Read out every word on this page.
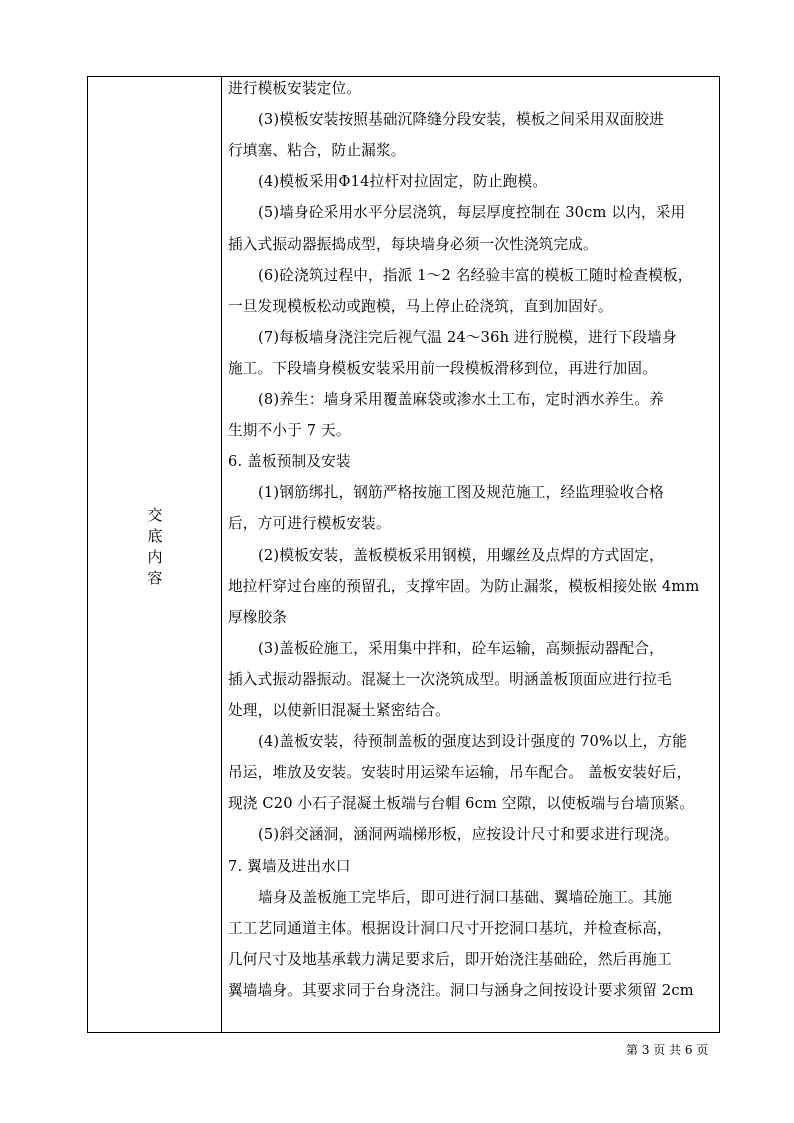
交
底
内
容
进行模板安装定位。
(3)模板安装按照基础沉降缝分段安装，模板之间采用双面胶进
行填塞、粘合，防止漏浆。
(4)模板采用Φ14拉杆对拉固定，防止跑模。
(5)墙身砼采用水平分层浇筑，每层厚度控制在 30cm 以内，采用
插入式振动器振捣成型，每块墙身必须一次性浇筑完成。
(6)砼浇筑过程中，指派 1～2 名经验丰富的模板工随时检查模板，
一旦发现模板松动或跑模，马上停止砼浇筑，直到加固好。
(7)每板墙身浇注完后视气温 24～36h 进行脱模，进行下段墙身
施工。下段墙身模板安装采用前一段模板滑移到位，再进行加固。
(8)养生：墙身采用覆盖麻袋或渗水土工布，定时洒水养生。养
生期不小于 7 天。
6. 盖板预制及安装
(1)钢筋绑扎，钢筋严格按施工图及规范施工，经监理验收合格
后，方可进行模板安装。
(2)模板安装，盖板模板采用钢模，用螺丝及点焊的方式固定，
地拉杆穿过台座的预留孔，支撑牢固。为防止漏浆，模板相接处嵌 4mm
厚橡胶条
(3)盖板砼施工，采用集中拌和，砼车运输，高频振动器配合，
插入式振动器振动。混凝土一次浇筑成型。明涵盖板顶面应进行拉毛
处理，以使新旧混凝土紧密结合。
(4)盖板安装，待预制盖板的强度达到设计强度的 70%以上，方能
吊运，堆放及安装。安装时用运梁车运输，吊车配合。 盖板安装好后，
现浇 C20 小石子混凝土板端与台帽 6cm 空隙，以使板端与台墙顶紧。
(5)斜交涵洞，涵洞两端梯形板，应按设计尺寸和要求进行现浇。
7. 翼墙及进出水口
墙身及盖板施工完毕后，即可进行洞口基础、翼墙砼施工。其施
工工艺同通道主体。根据设计洞口尺寸开挖洞口基坑，并检查标高，
几何尺寸及地基承载力满足要求后，即开始浇注基础砼，然后再施工
翼墙墙身。其要求同于台身浇注。洞口与涵身之间按设计要求须留 2cm
第 3 页 共 6 页
